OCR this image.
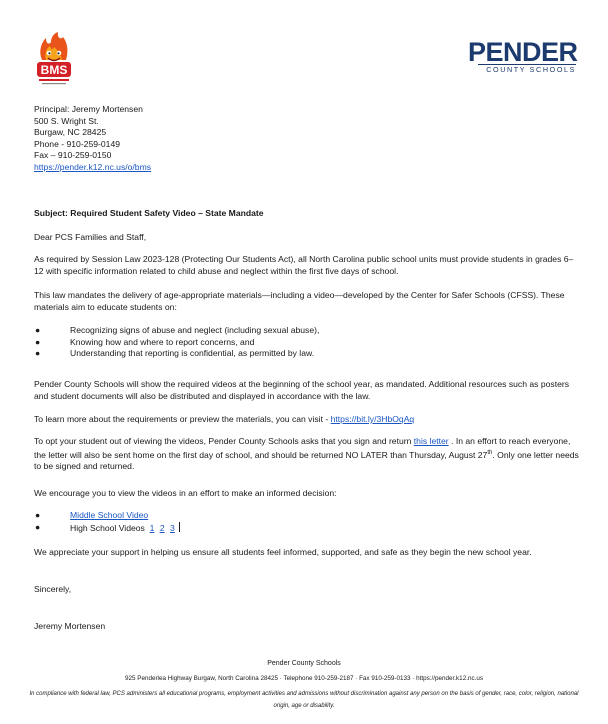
BMS
PENDER
COUNTY SCHOOLS
Principal: Jeremy Mortensen
500 S. Wright St.
Burgaw, NC 28425
Phone - 910-259-0149
Fax – 910-259-0150
https://pender.k12.nc.us/o/bms
Subject: Required Student Safety Video – State Mandate
Dear PCS Families and Staff,
As required by Session Law 2023-128 (Protecting Our Students Act), all North Carolina public school units must provide students in grades 6–12 with specific information related to child abuse and neglect within the first five days of school.
This law mandates the delivery of age-appropriate materials—including a video—developed by the Center for Safer Schools (CFSS). These materials aim to educate students on:
●	Recognizing signs of abuse and neglect (including sexual abuse),
●	Knowing how and where to report concerns, and
●	Understanding that reporting is confidential, as permitted by law.
Pender County Schools will show the required videos at the beginning of the school year, as mandated. Additional resources such as posters and student documents will also be distributed and displayed in accordance with the law.
To learn more about the requirements or preview the materials, you can visit - https://bit.ly/3HbOqAq
To opt your student out of viewing the videos, Pender County Schools asks that you sign and return this letter . In an effort to reach everyone, the letter will also be sent home on the first day of school, and should be returned NO LATER than Thursday, August 27th. Only one letter needs to be signed and returned.
We encourage you to view the videos in an effort to make an informed decision:
●	Middle School Video
●	High School Videos 1 2 3
We appreciate your support in helping us ensure all students feel informed, supported, and safe as they begin the new school year.
Sincerely,
Jeremy Mortensen
Pender County Schools
925 Penderlea Highway Burgaw, North Carolina 28425 · Telephone 910-259-2187 · Fax 910-259-0133 · https://pender.k12.nc.us
In compliance with federal law, PCS administers all educational programs, employment activities and admissions without discrimination against any person on the basis of gender, race, color, religion, national origin, age or disability.
